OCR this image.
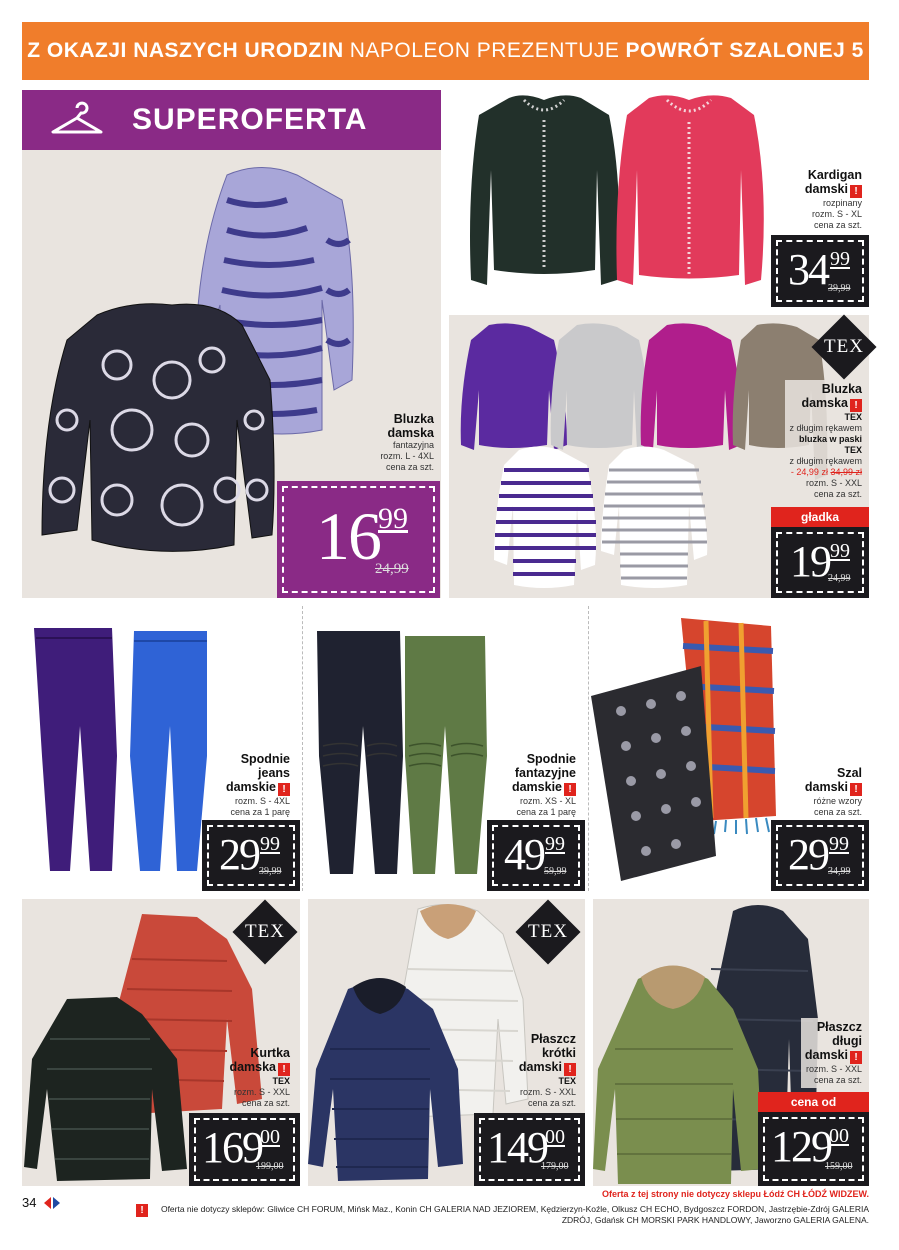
Z OKAZJI NASZYCH URODZIN NAPOLEON PREZENTUJE POWRÓT SZALONEJ 5
SUPEROFERTA
Bluzka
damska
fantazyjna
rozm. L - 4XL
cena za szt.
16
99
24,99
Kardigan
damski !
rozpinany
rozm. S - XL
cena za szt.
34 99
39,99
TEX
Bluzka
damska !
TEX
z długim rękawem
bluzka w paski
TEX
z długim rękawem
- 24,99 zł 34,99 zł
rozm. S - XXL
cena za szt.
gładka
19 99
24,99
Spodnie
jeans
damskie !
rozm. S - 4XL
cena za 1 parę
29 99
39,99
Spodnie
fantazyjne
damskie !
rozm. XS - XL
cena za 1 parę
49 99
59,99
Szal
damski !
różne wzory
cena za szt.
29 99
34,99
TEX
Kurtka
damska !
TEX
rozm. S - XXL
cena za szt.
169
00
199,00
TEX
Płaszcz
krótki
damski !
TEX
rozm. S - XXL
cena za szt.
149
00
179,00
Płaszcz
długi
damski !
rozm. S - XXL
cena za szt.
cena od
129
00
159,00
34
Oferta z tej strony nie dotyczy sklepu Łódź CH ŁÓDŹ WIDZEW.
!	Oferta nie dotyczy sklepów: Gliwice CH FORUM, Mińsk Maz., Konin CH GALERIA NAD JEZIOREM, Kędzierzyn-Koźle, Olkusz CH ECHO, Bydgoszcz FORDON, Jastrzębie-Zdrój GALERIA ZDRÓJ, Gdańsk CH MORSKI PARK HANDLOWY, Jaworzno GALERIA GALENA.
